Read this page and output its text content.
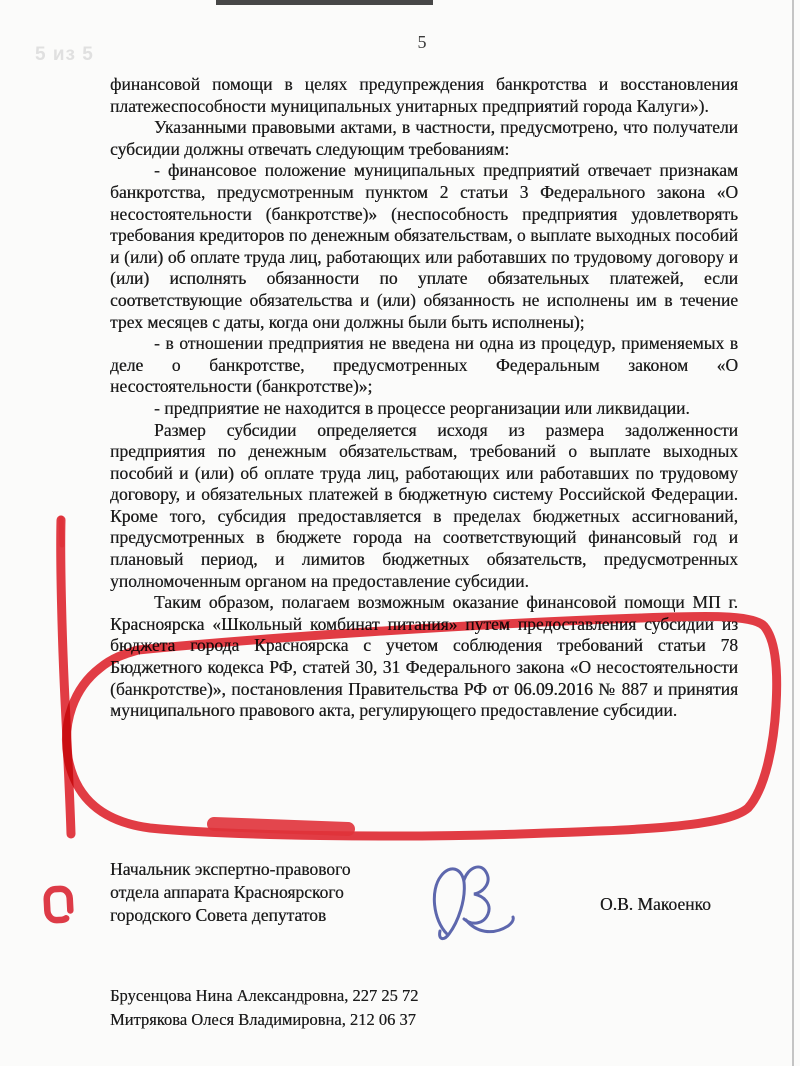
5 из 5
5

финансовой помощи в целях предупреждения банкротства и восстановления платежеспособности муниципальных унитарных предприятий города Калуги»).

Указанными правовыми актами, в частности, предусмотрено, что получатели субсидии должны отвечать следующим требованиям:

- финансовое положение муниципальных предприятий отвечает признакам банкротства, предусмотренным пунктом 2 статьи 3 Федерального закона «О несостоятельности (банкротстве)» (неспособность предприятия удовлетворять требования кредиторов по денежным обязательствам, о выплате выходных пособий и (или) об оплате труда лиц, работающих или работавших по трудовому договору и (или) исполнять обязанности по уплате обязательных платежей, если соответствующие обязательства и (или) обязанность не исполнены им в течение трех месяцев с даты, когда они должны были быть исполнены);

- в отношении предприятия не введена ни одна из процедур, применяемых в деле о банкротстве, предусмотренных Федеральным законом «О несостоятельности (банкротстве)»;

- предприятие не находится в процессе реорганизации или ликвидации.

Размер субсидии определяется исходя из размера задолженности предприятия по денежным обязательствам, требований о выплате выходных пособий и (или) об оплате труда лиц, работающих или работавших по трудовому договору, и обязательных платежей в бюджетную систему Российской Федерации. Кроме того, субсидия предоставляется в пределах бюджетных ассигнований, предусмотренных в бюджете города на соответствующий финансовый год и плановый период, и лимитов бюджетных обязательств, предусмотренных уполномоченным органом на предоставление субсидии.

Таким образом, полагаем возможным оказание финансовой помощи МП г. Красноярска «Школьный комбинат питания» путем предоставления субсидии из бюджета города Красноярска с учетом соблюдения требований статьи 78 Бюджетного кодекса РФ, статей 30, 31 Федерального закона «О несостоятельности (банкротстве)», постановления Правительства РФ от 06.09.2016 № 887 и принятия муниципального правового акта, регулирующего предоставление субсидии.

Начальник экспертно-правового
отдела аппарата Красноярского
городского Совета депутатов
О.В. Макоенко
Брусенцова Нина Александровна, 227 25 72
Митрякова Олеся Владимировна, 212 06 37
